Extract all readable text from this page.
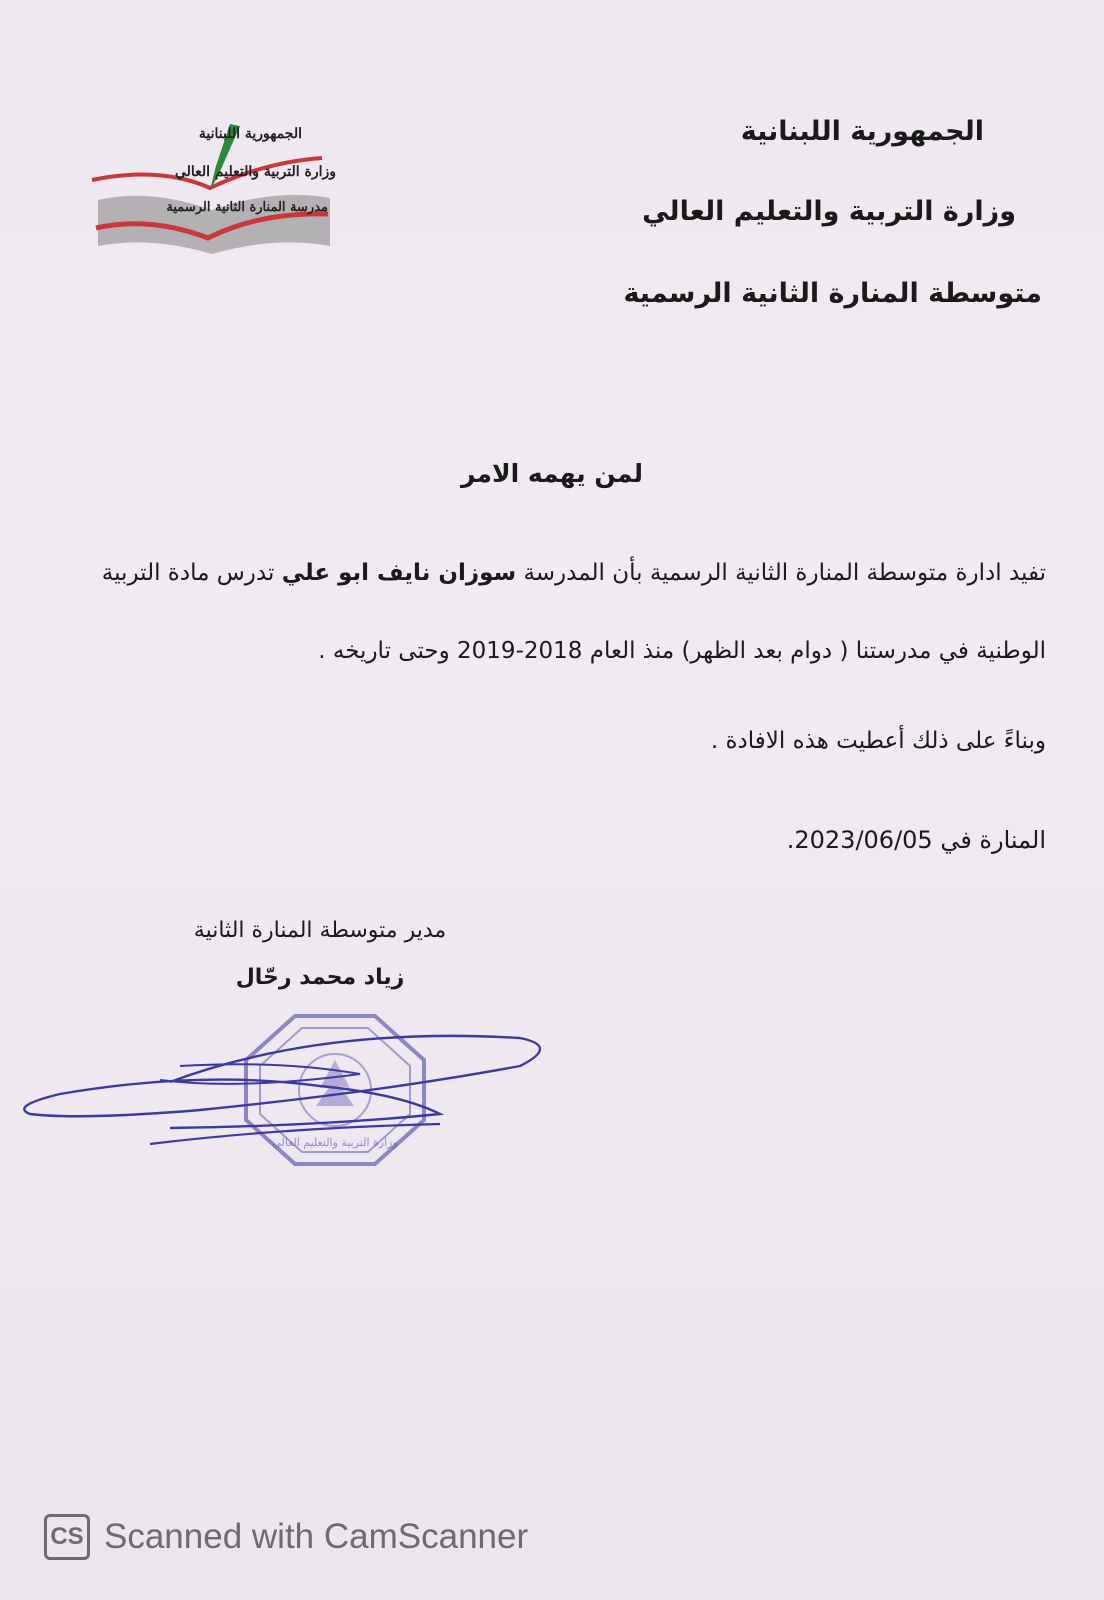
الجمهورية اللبنانية
وزارة التربية والتعليم العالي
مدرسة المنارة الثانية الرسمية
الجمهورية اللبنانية
وزارة التربية والتعليم العالي
متوسطة المنارة الثانية الرسمية
لمن يهمه الامر
تفيد ادارة متوسطة المنارة الثانية الرسمية بأن المدرسة سوزان نايف ابو علي تدرس مادة التربية
الوطنية في مدرستنا ( دوام بعد الظهر) منذ العام 2018-2019 وحتى تاريخه .
وبناءً على ذلك أعطيت هذه الافادة .
المنارة في 2023/06/05.
مدير متوسطة المنارة الثانية
زياد محمد رحّال
وزارة التربية والتعليم العالي
CS Scanned with CamScanner
